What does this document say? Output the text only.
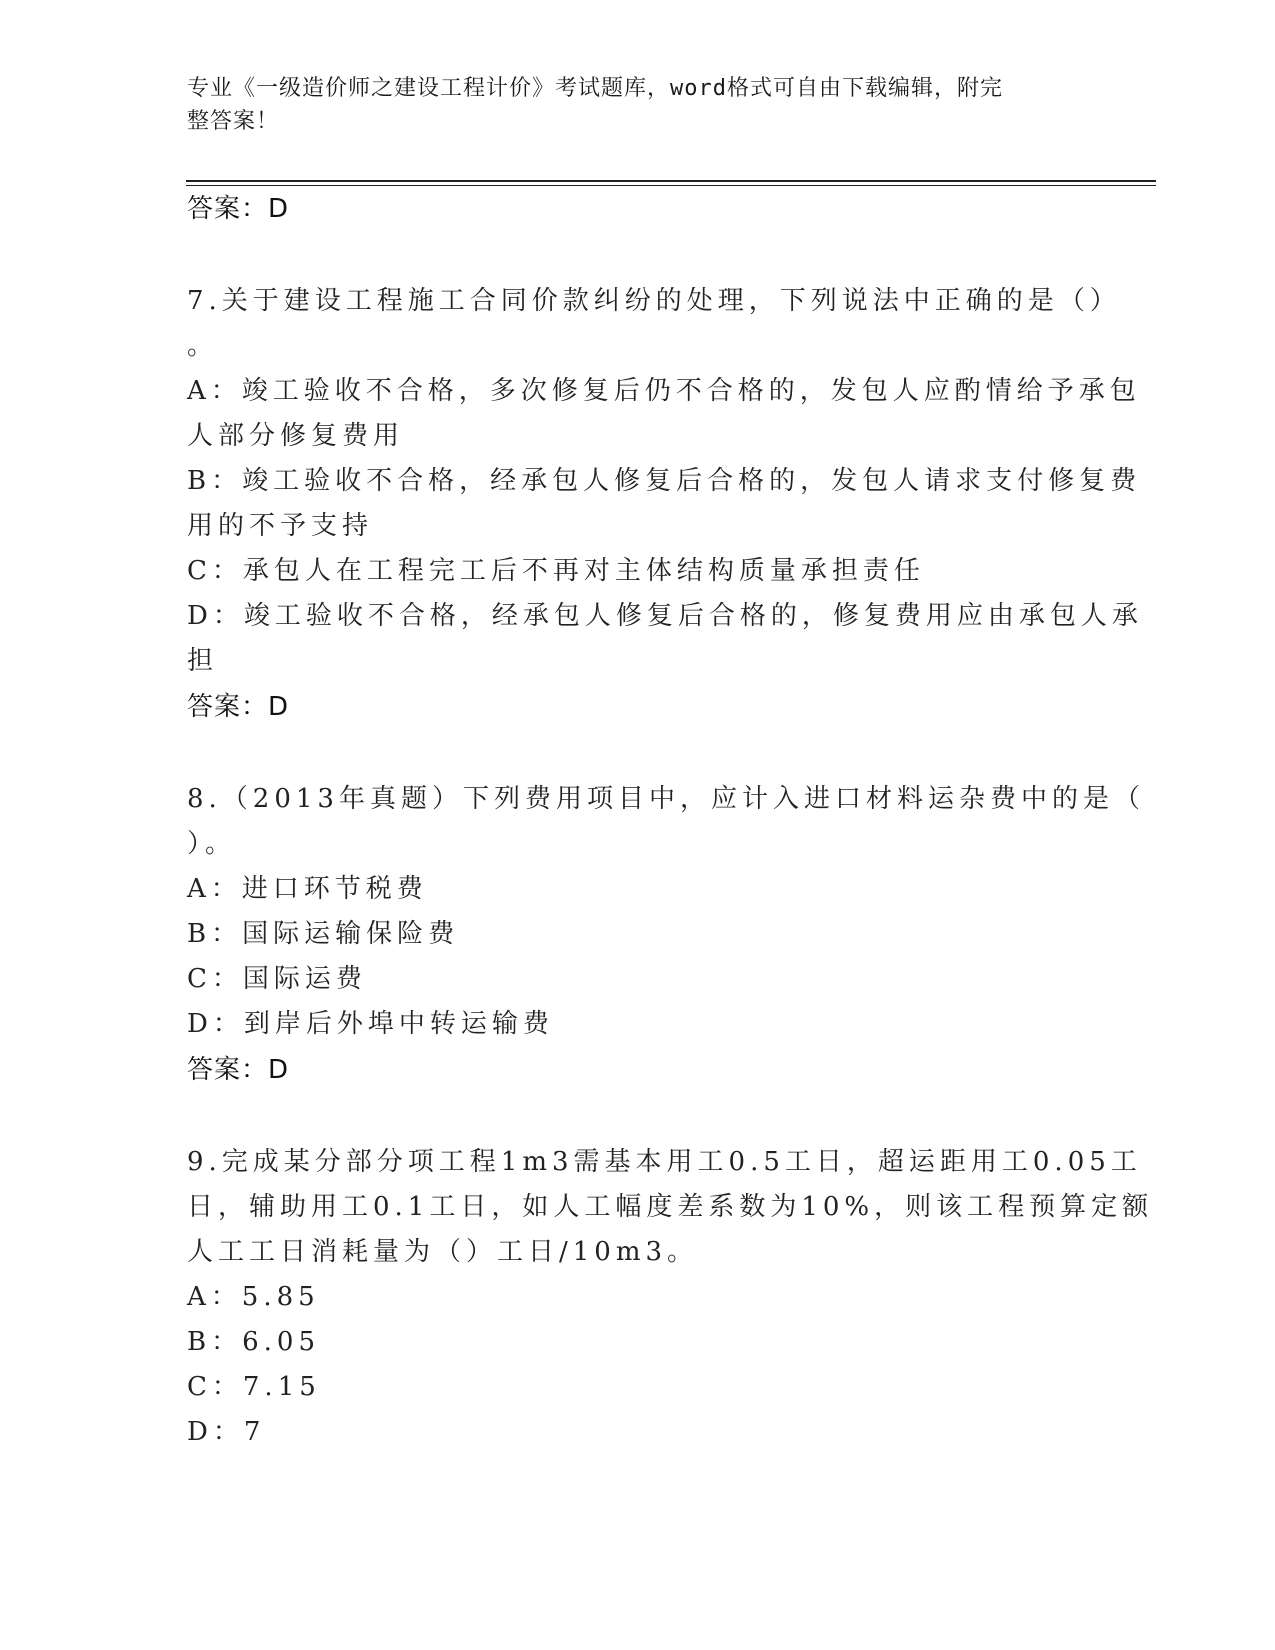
专业《一级造价师之建设工程计价》考试题库，word格式可自由下载编辑，附完
整答案！
答案：D
7.关于建设工程施工合同价款纠纷的处理，下列说法中正确的是（）
。
A：竣工验收不合格，多次修复后仍不合格的，发包人应酌情给予承包
人部分修复费用
B：竣工验收不合格，经承包人修复后合格的，发包人请求支付修复费
用的不予支持
C：承包人在工程完工后不再对主体结构质量承担责任
D：竣工验收不合格，经承包人修复后合格的，修复费用应由承包人承
担
答案：D
8.（2013年真题）下列费用项目中，应计入进口材料运杂费中的是（
）。
A：进口环节税费
B：国际运输保险费
C：国际运费
D：到岸后外埠中转运输费
答案：D
9.完成某分部分项工程1m3需基本用工0.5工日，超运距用工0.05工
日，辅助用工0.1工日，如人工幅度差系数为10%，则该工程预算定额
人工工日消耗量为（）工日/10m3。
A：5.85
B：6.05
C：7.15
D：7
